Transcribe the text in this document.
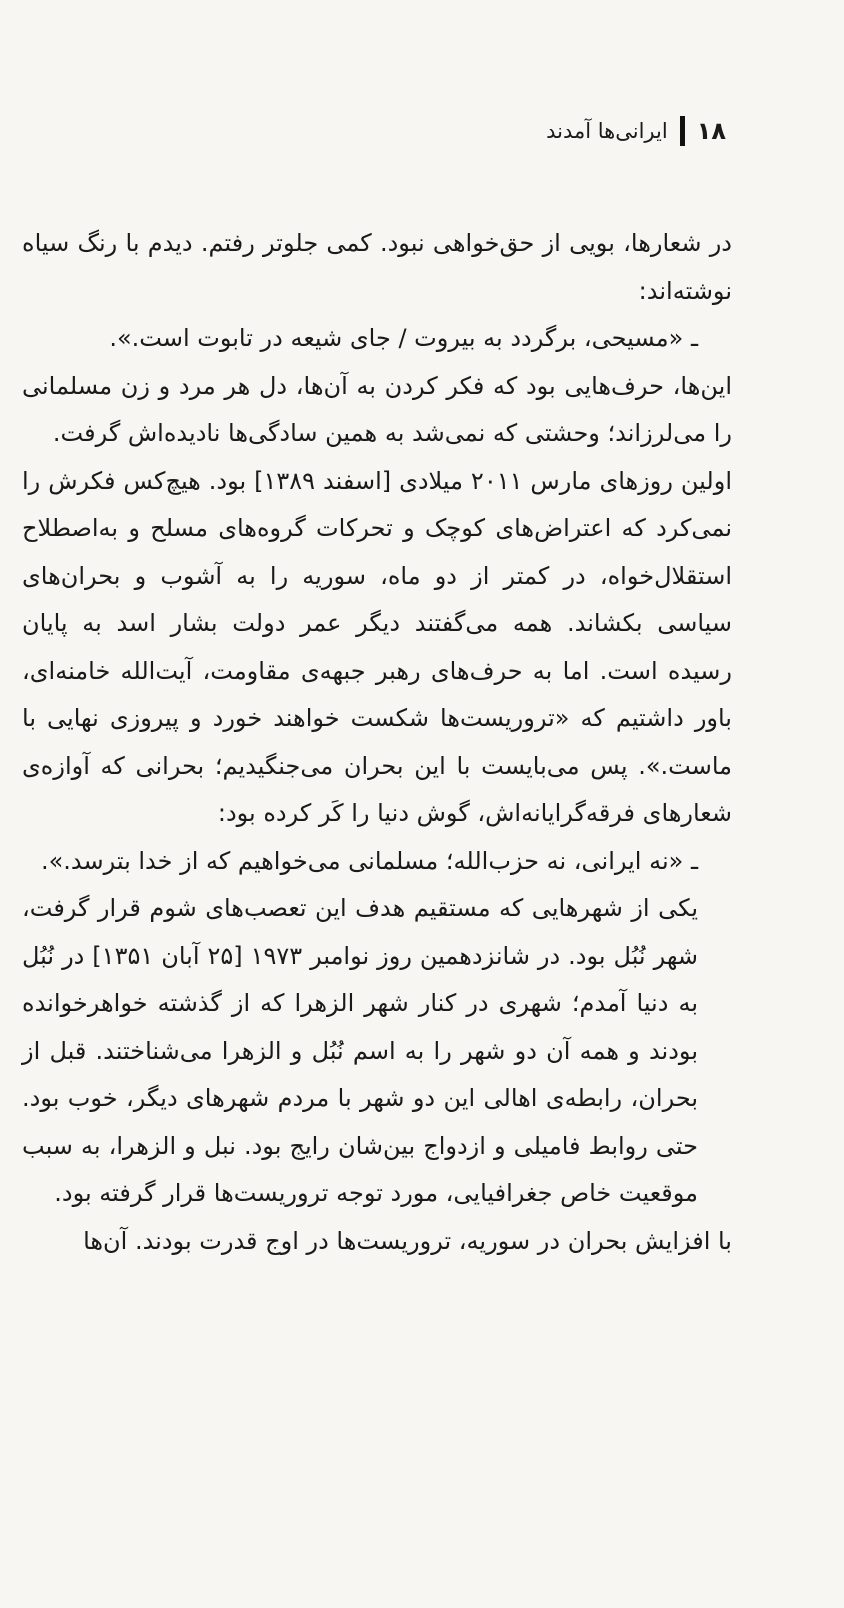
۱۸
ایرانی‌ها آمدند

در شعارها، بویی از حق‌خواهی نبود. کمی جلوتر رفتم. دیدم با رنگ سیاه نوشته‌اند:

ـ «مسیحی، برگردد به بیروت / جای شیعه در تابوت است.».

این‌ها، حرف‌هایی بود که فکر کردن به آن‌ها، دل هر مرد و زن مسلمانی را می‌لرزاند؛ وحشتی که نمی‌شد به همین سادگی‌ها نادیده‌اش گرفت.

اولین روزهای مارس ۲۰۱۱ میلادی [اسفند ۱۳۸۹] بود. هیچ‌کس فکرش را نمی‌کرد که اعتراض‌های کوچک و تحرکات گروه‌های مسلح و به‌اصطلاح استقلال‌خواه، در کمتر از دو ماه، سوریه را به آشوب و بحران‌های سیاسی بکشاند. همه می‌گفتند دیگر عمر دولت بشار اسد به پایان رسیده است. اما به حرف‌های رهبر جبهه‌ی مقاومت، آیت‌الله خامنه‌ای، باور داشتیم که «تروریست‌ها شکست خواهند خورد و پیروزی نهایی با ماست.». پس می‌بایست با این بحران می‌جنگیدیم؛ بحرانی که آوازه‌ی شعارهای فرقه‌گرایانه‌اش، گوش دنیا را کَر کرده بود:

ـ «نه ایرانی، نه حزب‌الله؛ مسلمانی می‌خواهیم که از خدا بترسد.».

یکی از شهرهایی که مستقیم هدف این تعصب‌های شوم قرار گرفت، شهر نُبُل بود. در شانزدهمین روز نوامبر ۱۹۷۳ [۲۵ آبان ۱۳۵۱] در نُبُل به دنیا آمدم؛ شهری در کنار شهر الزهرا که از گذشته خواهرخوانده بودند و همه آن دو شهر را به اسم نُبُل و الزهرا می‌شناختند. قبل از بحران، رابطه‌ی اهالی این دو شهر با مردم شهرهای دیگر، خوب بود. حتی روابط فامیلی و ازدواج بین‌شان رایج بود. نبل و الزهرا، به سبب موقعیت خاص جغرافیایی، مورد توجه تروریست‌ها قرار گرفته بود.

با افزایش بحران در سوریه، تروریست‌ها در اوج قدرت بودند. آن‌ها
